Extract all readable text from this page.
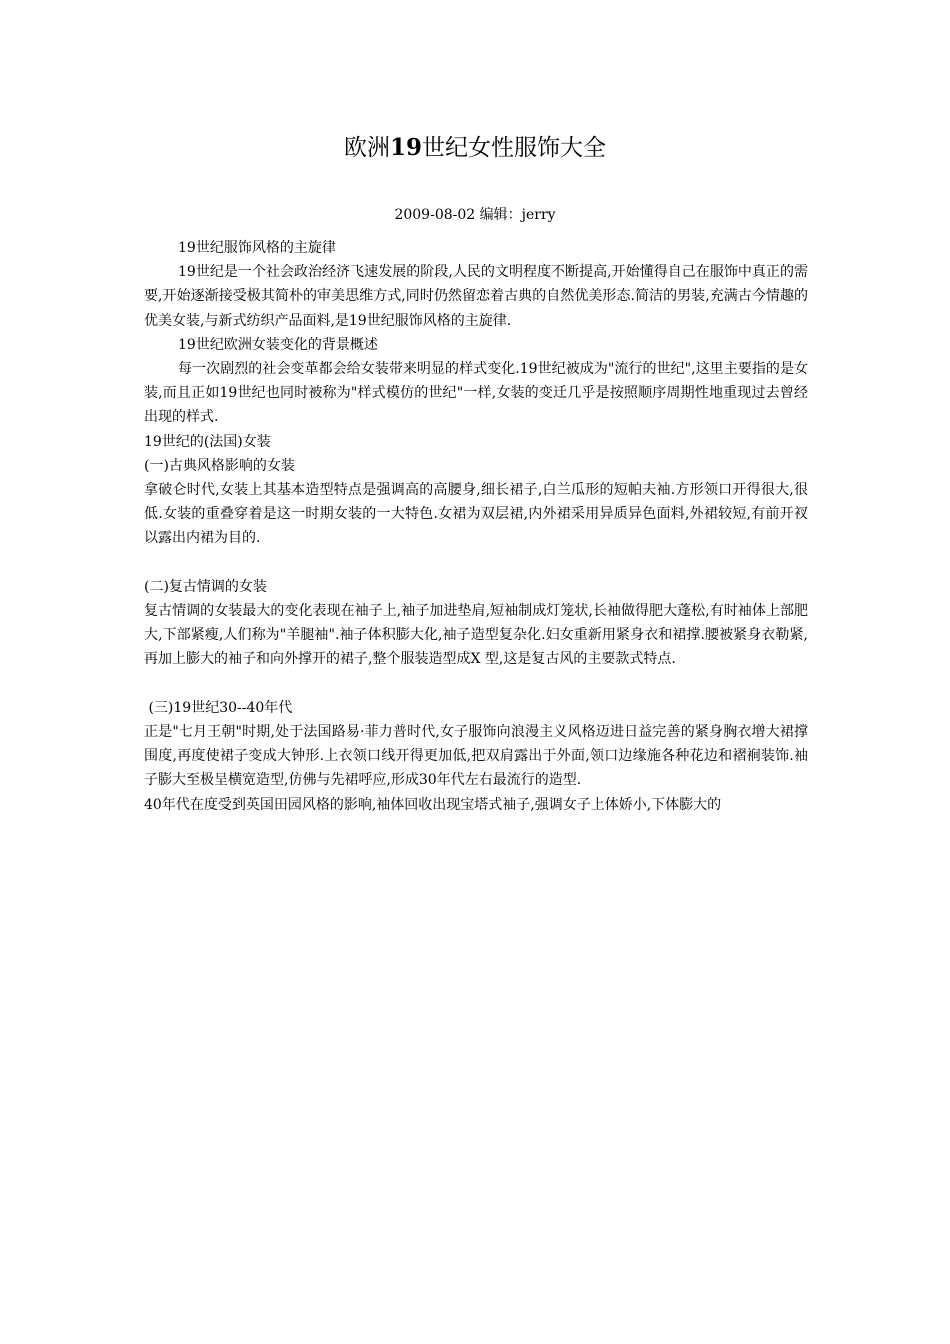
欧洲19世纪女性服饰大全
2009-08-02 编辑：jerry

19世纪服饰风格的主旋律

19世纪是一个社会政治经济飞速发展的阶段,人民的文明程度不断提高,开始懂得自己在服饰中真正的需要,开始逐渐接受极其简朴的审美思维方式,同时仍然留恋着古典的自然优美形态.简洁的男装,充满古今情趣的优美女装,与新式纺织产品面料,是19世纪服饰风格的主旋律.

19世纪欧洲女装变化的背景概述

每一次剧烈的社会变革都会给女装带来明显的样式变化.19世纪被成为"流行的世纪",这里主要指的是女装,而且正如19世纪也同时被称为"样式模仿的世纪"一样,女装的变迁几乎是按照顺序周期性地重现过去曾经出现的样式.

19世纪的(法国)女装

(一)古典风格影响的女装

拿破仑时代,女装上其基本造型特点是强调高的高腰身,细长裙子,白兰瓜形的短帕夫袖.方形领口开得很大,很低.女装的重叠穿着是这一时期女装的一大特色.女裙为双层裙,内外裙采用异质异色面料,外裙较短,有前开衩以露出内裙为目的.

(二)复古情调的女装

复古情调的女装最大的变化表现在袖子上,袖子加进垫肩,短袖制成灯笼状,长袖做得肥大蓬松,有时袖体上部肥大,下部紧瘦,人们称为"羊腿袖".袖子体积膨大化,袖子造型复杂化.妇女重新用紧身衣和裙撑.腰被紧身衣勒紧,再加上膨大的袖子和向外撑开的裙子,整个服装造型成X 型,这是复古风的主要款式特点.

(三)19世纪30--40年代

正是"七月王朝"时期,处于法国路易·菲力普时代,女子服饰向浪漫主义风格迈进日益完善的紧身胸衣增大裙撑围度,再度使裙子变成大钟形.上衣领口线开得更加低,把双肩露出于外面,领口边缘施各种花边和褶裥装饰.袖子膨大至极呈横宽造型,仿佛与先裙呼应,形成30年代左右最流行的造型.

40年代在度受到英国田园风格的影响,袖体回收出现宝塔式袖子,强调女子上体娇小,下体膨大的
